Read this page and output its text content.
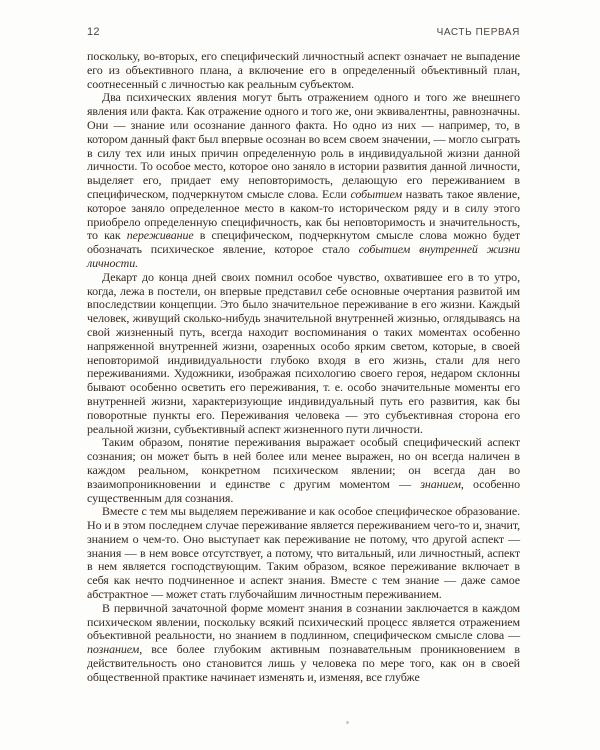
12	ЧАСТЬ ПЕРВАЯ

поскольку, во-вторых, его специфический личностный аспект означает не выпадение его из объективного плана, а включение его в определенный объективный план, соотнесенный с личностью как реальным субъектом.

Два психических явления могут быть отражением одного и того же внешнего явления или факта. Как отражение одного и того же, они эквивалентны, равнозначны. Они — знание или осознание данного факта. Но одно из них — например, то, в котором данный факт был впервые осознан во всем своем значении, — могло сыграть в силу тех или иных причин определенную роль в индивидуальной жизни данной личности. То особое место, которое оно заняло в истории развития данной личности, выделяет его, придает ему неповторимость, делающую его переживанием в специфическом, подчеркнутом смысле слова. Если событием назвать такое явление, которое заняло определенное место в каком-то историческом ряду и в силу этого приобрело определенную специфичность, как бы неповторимость и значительность, то как переживание в специфическом, подчеркнутом смысле слова можно будет обозначать психическое явление, которое стало событием внутренней жизни личности.

Декарт до конца дней своих помнил особое чувство, охватившее его в то утро, когда, лежа в постели, он впервые представил себе основные очертания развитой им впоследствии концепции. Это было значительное переживание в его жизни. Каждый человек, живущий сколько-нибудь значительной внутренней жизнью, оглядываясь на свой жизненный путь, всегда находит воспоминания о таких моментах особенно напряженной внутренней жизни, озаренных особо ярким светом, которые, в своей неповторимой индивидуальности глубоко входя в его жизнь, стали для него переживаниями. Художники, изображая психологию своего героя, недаром склонны бывают особенно осветить его переживания, т. е. особо значительные моменты его внутренней жизни, характеризующие индивидуальный путь его развития, как бы поворотные пункты его. Переживания человека — это субъективная сторона его реальной жизни, субъективный аспект жизненного пути личности.

Таким образом, понятие переживания выражает особый специфический аспект сознания; он может быть в ней более или менее выражен, но он всегда наличен в каждом реальном, конкретном психическом явлении; он всегда дан во взаимопроникновении и единстве с другим моментом — знанием, особенно существенным для сознания.

Вместе с тем мы выделяем переживание и как особое специфическое образование. Но и в этом последнем случае переживание является переживанием чего-то и, значит, знанием о чем-то. Оно выступает как переживание не потому, что другой аспект — знания — в нем вовсе отсутствует, а потому, что витальный, или личностный, аспект в нем является господствующим. Таким образом, всякое переживание включает в себя как нечто подчиненное и аспект знания. Вместе с тем знание — даже самое абстрактное — может стать глубочайшим личностным переживанием.

В первичной зачаточной форме момент знания в сознании заключается в каждом психическом явлении, поскольку всякий психический процесс является отражением объективной реальности, но знанием в подлинном, специфическом смысле слова — познанием, все более глубоким активным познавательным проникновением в действительность оно становится лишь у человека по мере того, как он в своей общественной практике начинает изменять и, изменяя, все глубже
